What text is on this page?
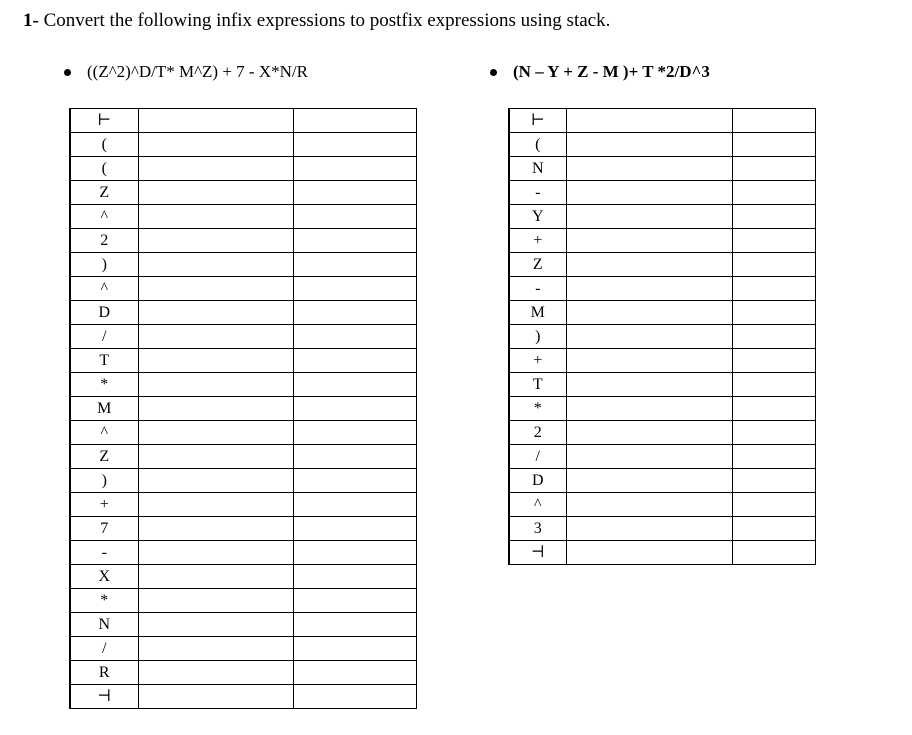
1- Convert the following infix expressions to postfix expressions using stack.
((Z^2)^D/T* M^Z) + 7 - X*N/R	(N – Y + Z - M )+ T *2/D^3
⊢		
(		
(		
Z		
^		
2		
)		
^		
D		
/		
T		
*		
M		
^		
Z		
)		
+		
7		
-		
X		
*		
N		
/		
R		
⊣		
⊢		
(		
N		
-		
Y		
+		
Z		
-		
M		
)		
+		
T		
*		
2		
/		
D		
^		
3		
⊣		
